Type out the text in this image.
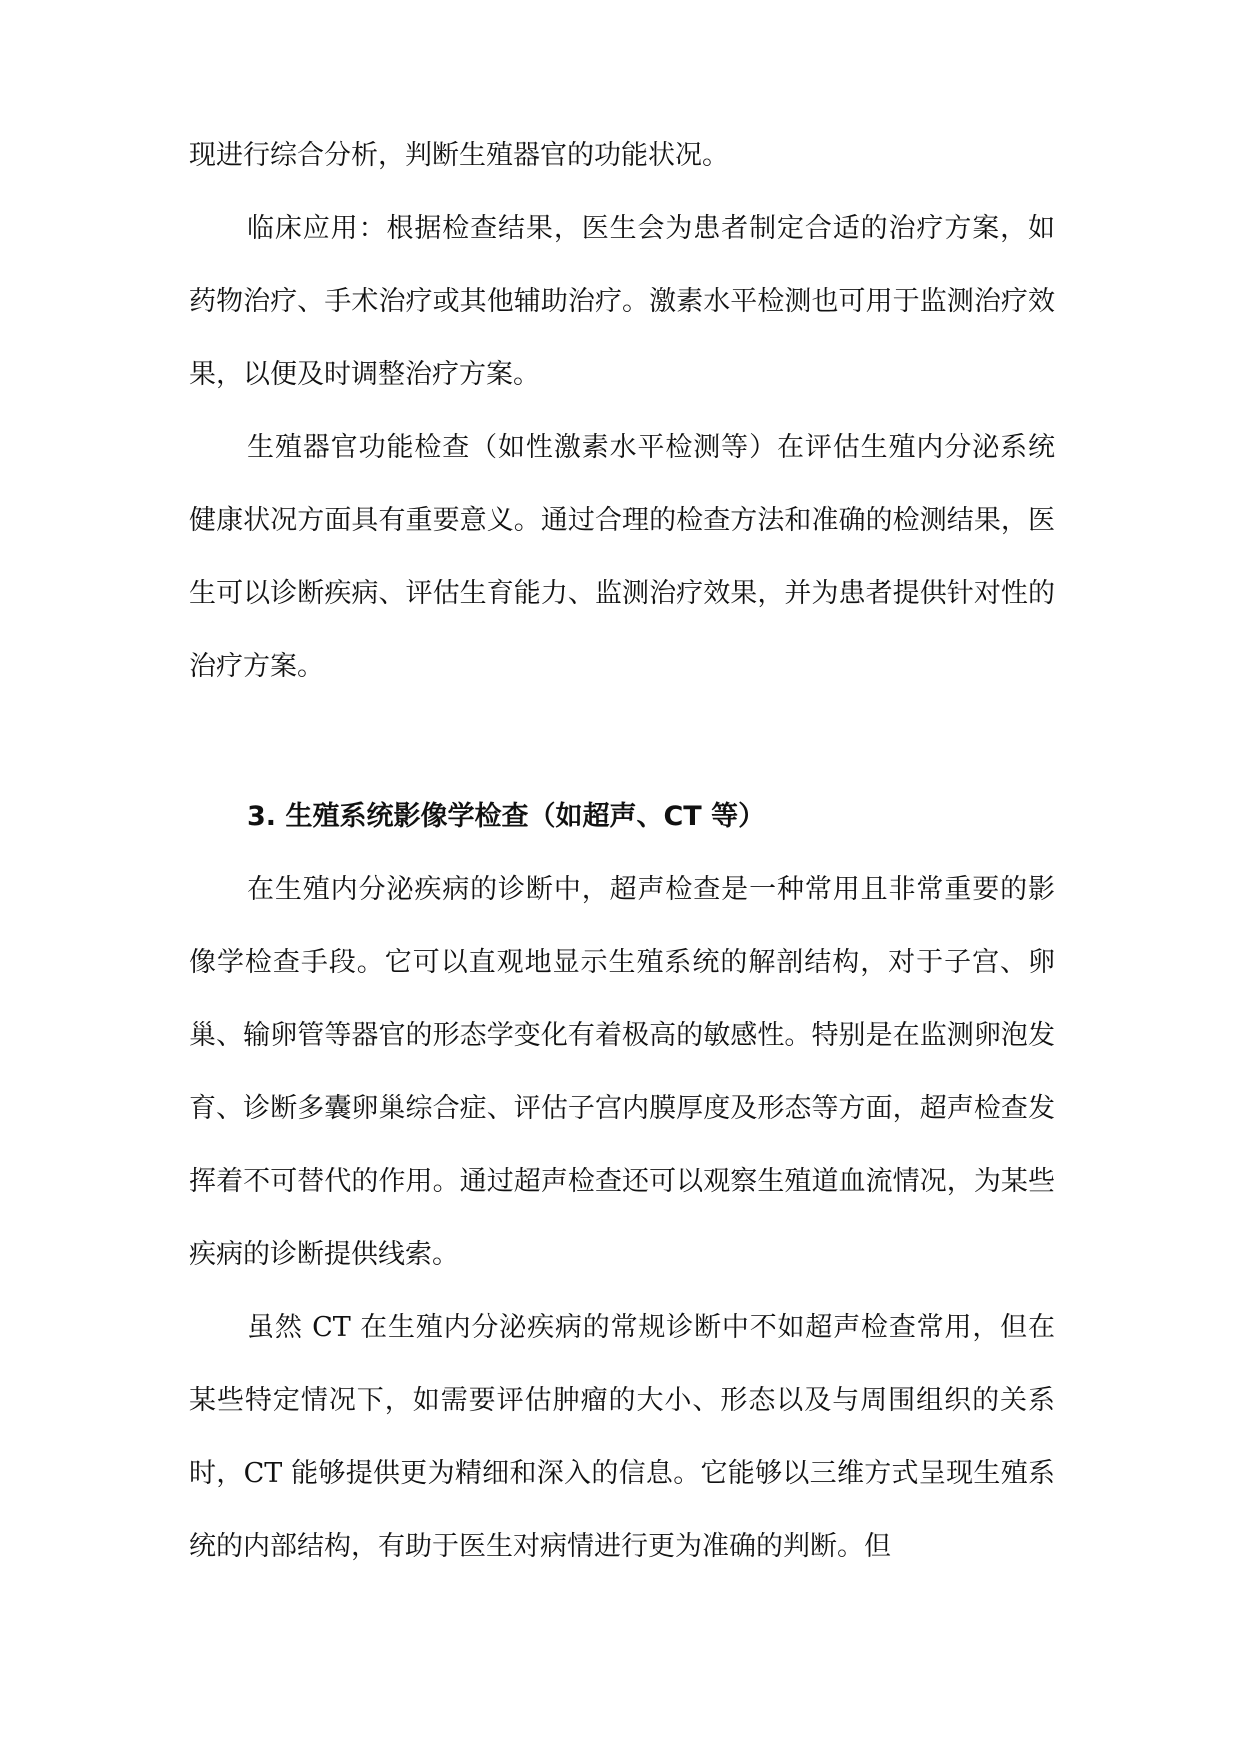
现进行综合分析，判断生殖器官的功能状况。

临床应用：根据检查结果，医生会为患者制定合适的治疗方案，如药物治疗、手术治疗或其他辅助治疗。激素水平检测也可用于监测治疗效果，以便及时调整治疗方案。

生殖器官功能检查（如性激素水平检测等）在评估生殖内分泌系统健康状况方面具有重要意义。通过合理的检查方法和准确的检测结果，医生可以诊断疾病、评估生育能力、监测治疗效果，并为患者提供针对性的治疗方案。

3. 生殖系统影像学检查（如超声、CT 等）

在生殖内分泌疾病的诊断中，超声检查是一种常用且非常重要的影像学检查手段。它可以直观地显示生殖系统的解剖结构，对于子宫、卵巢、输卵管等器官的形态学变化有着极高的敏感性。特别是在监测卵泡发育、诊断多囊卵巢综合症、评估子宫内膜厚度及形态等方面，超声检查发挥着不可替代的作用。通过超声检查还可以观察生殖道血流情况，为某些疾病的诊断提供线索。

虽然 CT 在生殖内分泌疾病的常规诊断中不如超声检查常用，但在某些特定情况下，如需要评估肿瘤的大小、形态以及与周围组织的关系时，CT 能够提供更为精细和深入的信息。它能够以三维方式呈现生殖系统的内部结构，有助于医生对病情进行更为准确的判断。但
